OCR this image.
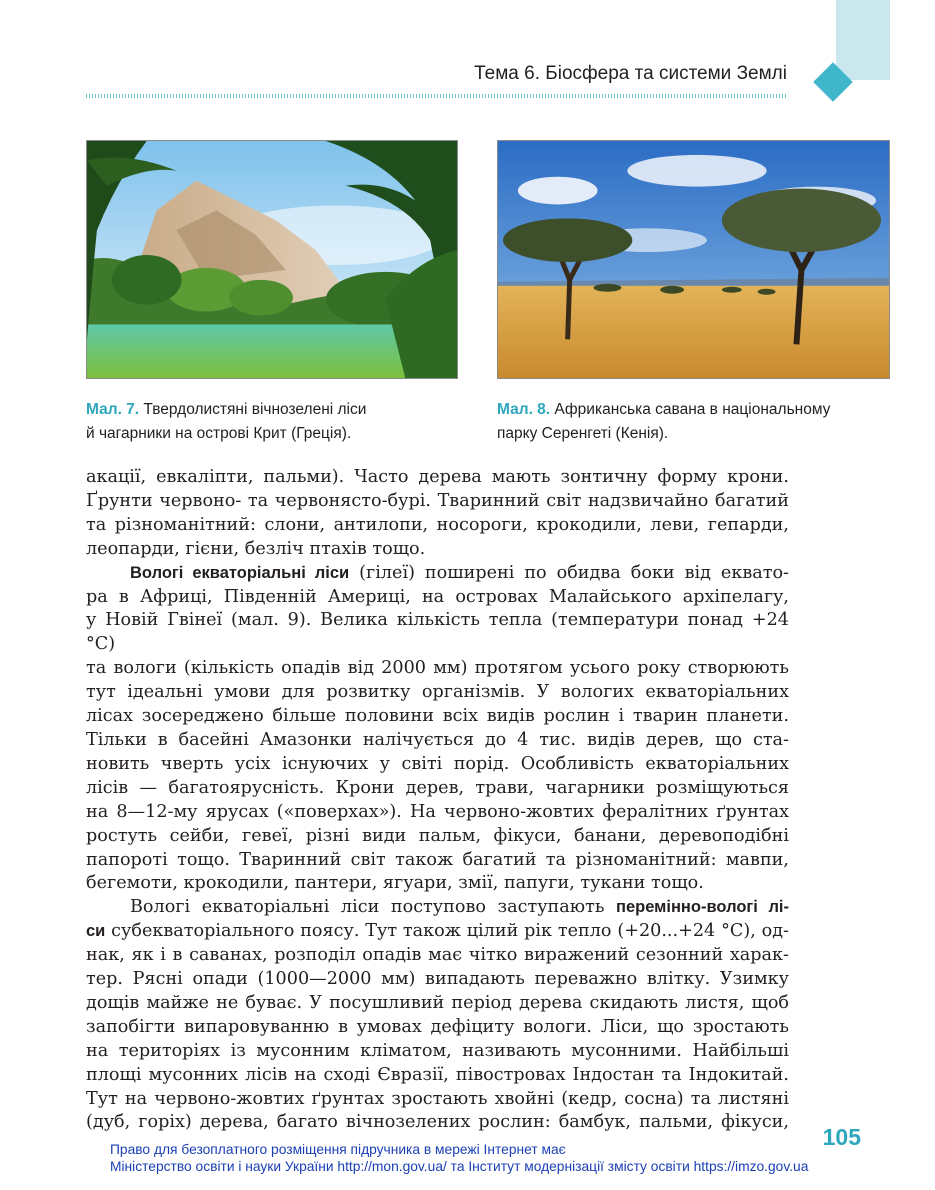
Тема 6. Біосфера та системи Землі
Мал. 7. Твердолистяні вічнозелені ліси
й чагарники на острові Крит (Греція).
Мал. 8. Африканська савана в національному
парку Серенгеті (Кенія).

акації, евкаліпти, пальми). Часто дерева мають зонтичну форму крони.
Ґрунти червоно- та червонясто-бурі. Тваринний світ надзвичайно багатий
та різноманітний: слони, антилопи, носороги, крокодили, леви, гепарди,
леопарди, гієни, безліч птахів тощо.

Вологі екваторіальні ліси (гілеї) поширені по обидва боки від еквато-
ра в Африці, Південній Америці, на островах Малайського архіпелагу,
у Новій Гвінеї (мал. 9). Велика кількість тепла (температури понад +24 °С)
та вологи (кількість опадів від 2000 мм) протягом усього року створюють
тут ідеальні умови для розвитку організмів. У вологих екваторіальних
лісах зосереджено більше половини всіх видів рослин і тварин планети.
Тільки в басейні Амазонки налічується до 4 тис. видів дерев, що ста-
новить чверть усіх існуючих у світі порід. Особливість екваторіальних
лісів — багатоярусність. Крони дерев, трави, чагарники розміщуються
на 8—12-му ярусах («поверхах»). На червоно-жовтих фералітних ґрунтах
ростуть сейби, гевеї, різні види пальм, фікуси, банани, деревоподібні
папороті тощо. Тваринний світ також багатий та різноманітний: мавпи,
бегемоти, крокодили, пантери, ягуари, змії, папуги, тукани тощо.

Вологі екваторіальні ліси поступово заступають перемінно-вологі лі-
си субекваторіального поясу. Тут також цілий рік тепло (+20...+24 °С), од-
нак, як і в саванах, розподіл опадів має чітко виражений сезонний харак-
тер. Рясні опади (1000—2000 мм) випадають переважно влітку. Узимку
дощів майже не буває. У посушливий період дерева скидають листя, щоб
запобігти випаровуванню в умовах дефіциту вологи. Ліси, що зростають
на територіях із мусонним кліматом, називають мусонними. Найбільші
площі мусонних лісів на сході Євразії, півостровах Індостан та Індокитай.
Тут на червоно-жовтих ґрунтах зростають хвойні (кедр, сосна) та листяні
(дуб, горіх) дерева, багато вічнозелених рослин: бамбук, пальми, фікуси,

105
Право для безоплатного розміщення підручника в мережі Інтернет має
Міністерство освіти і науки України http://mon.gov.ua/ та Інститут модернізації змісту освіти https://imzo.gov.ua
